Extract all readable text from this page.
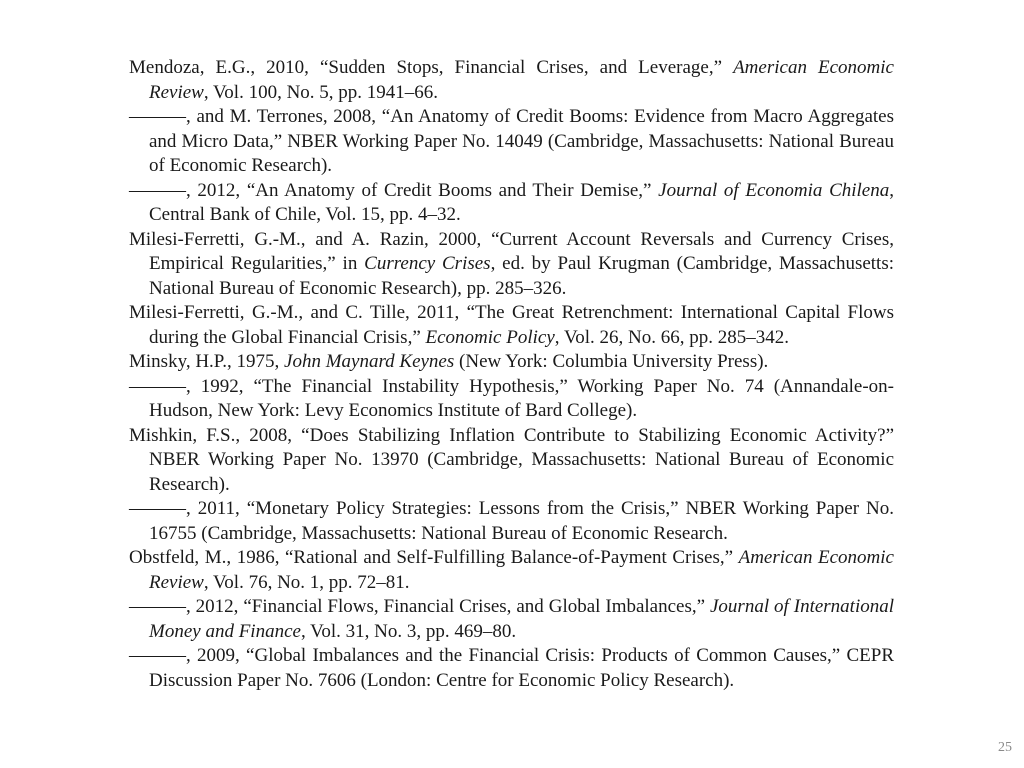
Mendoza, E.G., 2010, “Sudden Stops, Financial Crises, and Leverage,” American Economic Review, Vol. 100, No. 5, pp. 1941–66.

———, and M. Terrones, 2008, “An Anatomy of Credit Booms: Evidence from Macro Aggregates and Micro Data,” NBER Working Paper No. 14049 (Cambridge, Massachusetts: National Bureau of Economic Research).

———, 2012, “An Anatomy of Credit Booms and Their Demise,” Journal of Economia Chilena, Central Bank of Chile, Vol. 15, pp. 4–32.

Milesi-Ferretti, G.-M., and A. Razin, 2000, “Current Account Reversals and Currency Crises, Empirical Regularities,” in Currency Crises, ed. by Paul Krugman (Cambridge, Massachusetts: National Bureau of Economic Research), pp. 285–326.

Milesi-Ferretti, G.-M., and C. Tille, 2011, “The Great Retrenchment: International Capital Flows during the Global Financial Crisis,” Economic Policy, Vol. 26, No. 66, pp. 285–342.

Minsky, H.P., 1975, John Maynard Keynes (New York: Columbia University Press).

———, 1992, “The Financial Instability Hypothesis,” Working Paper No. 74 (Annandale-on-Hudson, New York: Levy Economics Institute of Bard College).

Mishkin, F.S., 2008, “Does Stabilizing Inflation Contribute to Stabilizing Economic Activity?” NBER Working Paper No. 13970 (Cambridge, Massachusetts: National Bureau of Economic Research).

———, 2011, “Monetary Policy Strategies: Lessons from the Crisis,” NBER Working Paper No. 16755 (Cambridge, Massachusetts: National Bureau of Economic Research.

Obstfeld, M., 1986, “Rational and Self-Fulfilling Balance-of-Payment Crises,” American Economic Review, Vol. 76, No. 1, pp. 72–81.

———, 2012, “Financial Flows, Financial Crises, and Global Imbalances,” Journal of International Money and Finance, Vol. 31, No. 3, pp. 469–80.

———, 2009, “Global Imbalances and the Financial Crisis: Products of Common Causes,” CEPR Discussion Paper No. 7606 (London: Centre for Economic Policy Research).

25
